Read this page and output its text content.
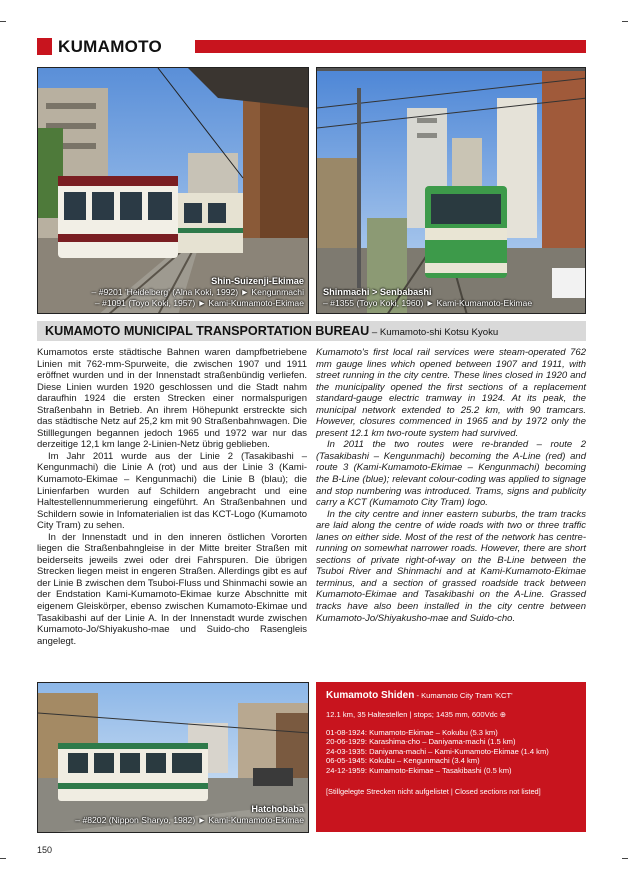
KUMAMOTO
Shin-Suizenji-Ekimae
– #9201 'Heidelberg' (Alna Koki, 1992) ► Kengunmachi
– #1091 (Toyo Koki, 1957) ► Kami-Kumamoto-Ekimae
Shinmachi > Senbabashi
– #1355 (Toyo Koki, 1960) ► Kami-Kumamoto-Ekimae
KUMAMOTO MUNICIPAL TRANSPORTATION BUREAU – Kumamoto-shi Kotsu Kyoku

Kumamotos erste städtische Bahnen waren dampfbetriebene Linien mit 762-mm-Spurweite, die zwischen 1907 und 1911 eröffnet wurden und in der Innenstadt straßenbündig verliefen. Diese Linien wurden 1920 geschlossen und die Stadt nahm daraufhin 1924 die ersten Strecken einer normalspurigen Straßenbahn in Betrieb. An ihrem Höhepunkt erstreckte sich das städtische Netz auf 25,2 km mit 90 Straßenbahnwagen. Die Stilllegungen begannen jedoch 1965 und 1972 war nur das derzeitige 12,1 km lange 2-Linien-Netz übrig geblieben.

Im Jahr 2011 wurde aus der Linie 2 (Tasakibashi – Kengunmachi) die Linie A (rot) und aus der Linie 3 (Kami-Kumamoto-Ekimae – Kengunmachi) die Linie B (blau); die Linienfarben wurden auf Schildern angebracht und eine Haltestellennummerierung eingeführt. An Straßenbahnen und Schildern sowie in Infomaterialien ist das KCT-Logo (Kumamoto City Tram) zu sehen.

In der Innenstadt und in den inneren östlichen Vororten liegen die Straßenbahngleise in der Mitte breiter Straßen mit beiderseits jeweils zwei oder drei Fahrspuren. Die übrigen Strecken liegen meist in engeren Straßen. Allerdings gibt es auf der Linie B zwischen dem Tsuboi-Fluss und Shinmachi sowie an der Endstation Kami-Kumamoto-Ekimae kurze Abschnitte mit eigenem Gleiskörper, ebenso zwischen Kumamoto-Ekimae und Tasakibashi auf der Linie A. In der Innenstadt wurde zwischen Kumamoto-Jo/Shiyakusho-mae und Suido-cho Rasengleis angelegt.

Kumamoto's first local rail services were steam-operated 762 mm gauge lines which opened between 1907 and 1911, with street running in the city centre. These lines closed in 1920 and the municipality opened the first sections of a replacement standard-gauge electric tramway in 1924. At its peak, the municipal network extended to 25.2 km, with 90 tramcars. However, closures commenced in 1965 and by 1972 only the present 12.1 km two-route system had survived.

In 2011 the two routes were re-branded – route 2 (Tasakibashi – Kengunmachi) becoming the A-Line (red) and route 3 (Kami-Kumamoto-Ekimae – Kengunmachi) becoming the B-Line (blue); relevant colour-coding was applied to signage and stop numbering was introduced. Trams, signs and publicity carry a KCT (Kumamoto City Tram) logo.

In the city centre and inner eastern suburbs, the tram tracks are laid along the centre of wide roads with two or three traffic lanes on either side. Most of the rest of the network has centre-running on somewhat narrower roads. However, there are short sections of private right-of-way on the B-Line between the Tsuboi River and Shinmachi and at Kami-Kumamoto-Ekimae terminus, and a section of grassed roadside track between Kumamoto-Ekimae and Tasakibashi on the A-Line. Grassed tracks have also been installed in the city centre between Kumamoto-Jo/Shiyakusho-mae and Suido-cho.

Hatchobaba
– #8202 (Nippon Sharyo, 1982) ► Kami-Kumamoto-Ekimae
Kumamoto Shiden - Kumamoto City Tram 'KCT'
12.1 km, 35 Haltestellen | stops; 1435 mm, 600Vdc ⊕
01-08-1924: Kumamoto-Ekimae – Kokubu (5.3 km)
20-06-1929: Karashima-cho – Daniyama-machi (1.5 km)
24-03-1935: Daniyama-machi – Kami-Kumamoto-Ekimae (1.4 km)
06-05-1945: Kokubu – Kengunmachi (3.4 km)
24-12-1959: Kumamoto-Ekimae – Tasakibashi (0.5 km)
[Stillgelegte Strecken nicht aufgelistet | Closed sections not listed]
150
